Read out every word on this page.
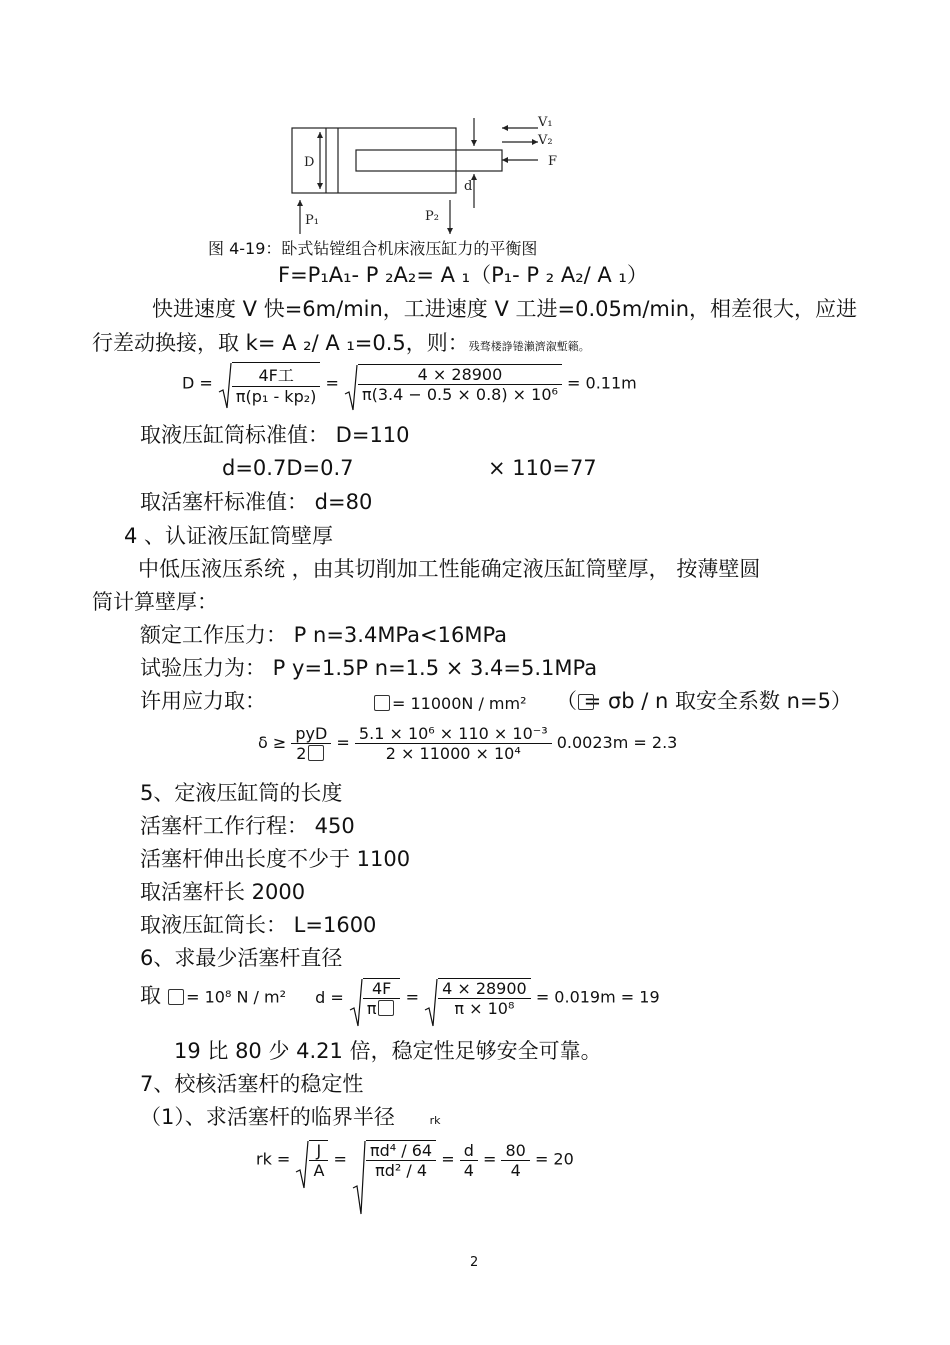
D
d
V₁
V₂
F
P₁	P₂
图 4-19：卧式钻镗组合机床液压缸力的平衡图
F=P₁A₁- P ₂A₂= A ₁（P₁- P ₂ A₂/ A ₁）
快进速度 V 快=6m/min，工进速度 V 工进=0.05m/min，相差很大，应进
行差动换接，取 k= A ₂/ A ₁=0.5，则：残骛楼諍锩瀨濟溆塹籟。
$D = \frac{\text{4F工}}{\text{π(p₁ - kp₂)}} = \frac{4 \times 28900}{\text{π(3.4 − 0.5 × 0.8) × 10⁶}} = 0.11m$
取液压缸筒标准值： D=110
d=0.7D=0.7	× 110=77
取活塞杆标准值： d=80
4 、认证液压缸筒壁厚
中低压液压系统 ，由其切削加工性能确定液压缸筒壁厚， 按薄壁圆
筒计算壁厚：
额定工作压力： P n=3.4MPa<16MPa
试验压力为： P y=1.5P n=1.5 × 3.4=5.1MPa
许用应力取：	= 11000N / mm² （ = σb / n 取安全系数 n=5）
$\delta \ge \frac{\text{pyD}}{2} = \frac{\text{5.1 × 10⁶ × 110 × 10⁻³}}{\text{2 × 11000 × 10⁴}} 0.0023m = 2.3$
5、定液压缸筒的长度
活塞杆工作行程： 450
活塞杆伸出长度不少于 1100
取活塞杆长 2000
取液压缸筒长： L=1600
6、求最少活塞杆直径
取 = 10⁸ N / m² $d = \frac{4F}{\pi} = \frac{4 \times 28900}{\text{π × 10⁸}} = 0.019m = 19$
19 比 80 少 4.21 倍，稳定性足够安全可靠。
7、校核活塞杆的稳定性
（1）、求活塞杆的临界半径	rk
rk = $\frac{J}{A} = \frac{\text{πd⁴ / 64}}{\text{πd² / 4}} = \frac{d}{4} = \frac{80}{4} = 20$
2
